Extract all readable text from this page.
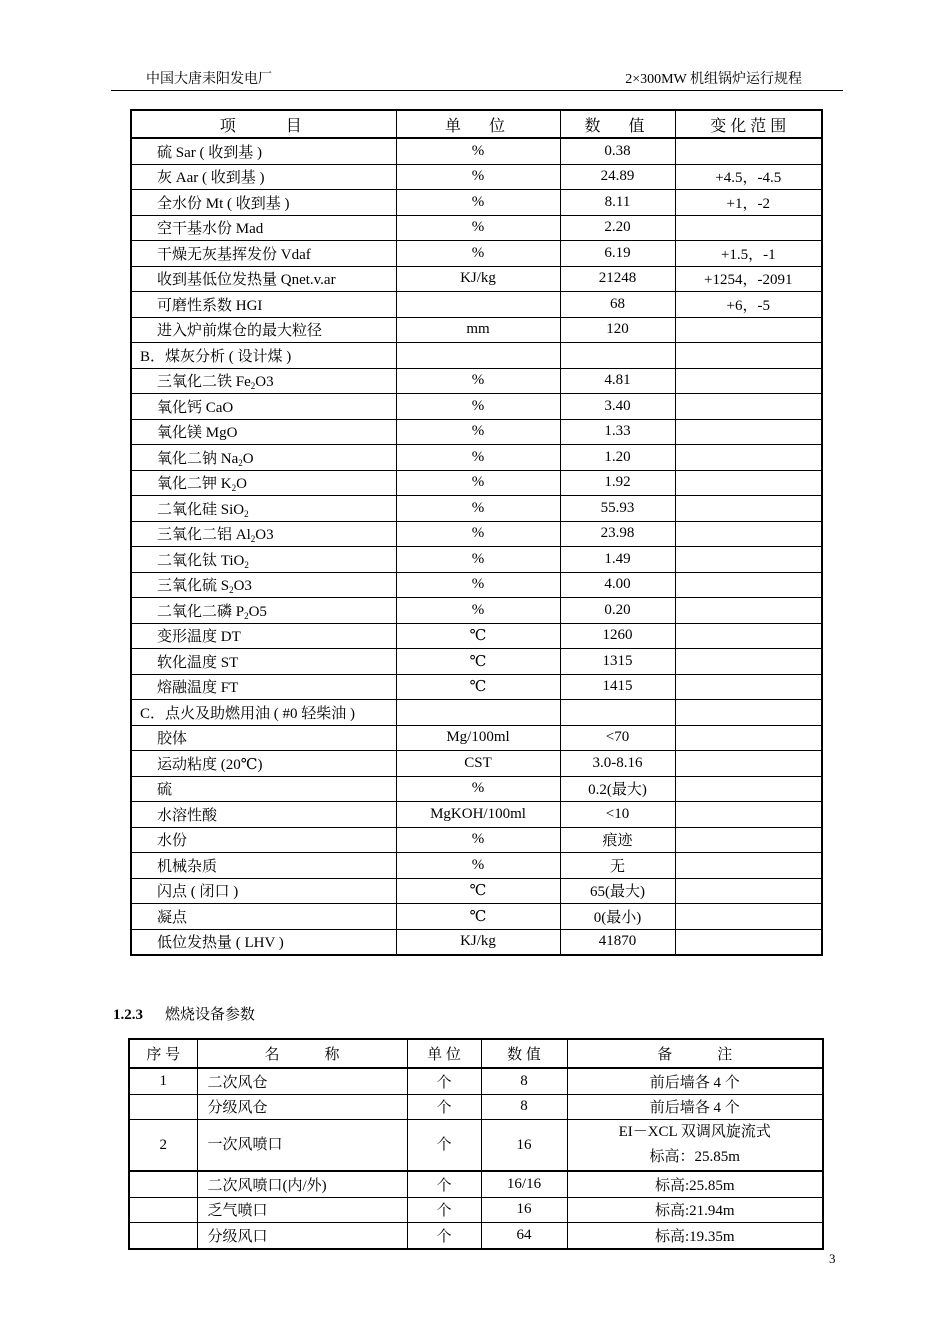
中国大唐耒阳发电厂	2×300MW 机组锅炉运行规程
项　　目	单　位	数　值	变 化 范 围
硫 Sar ( 收到基 )	%	0.38	
灰 Aar ( 收到基 )	%	24.89	+4.5，-4.5
全水份 Mt ( 收到基 )	%	8.11	+1，-2
空干基水份 Mad	%	2.20	
干燥无灰基挥发份 Vdaf	%	6.19	+1.5，-1
收到基低位发热量 Qnet.v.ar	KJ/kg	21248	+1254，-2091
可磨性系数 HGI		68	+6，-5
进入炉前煤仓的最大粒径	mm	120	
B．煤灰分析 ( 设计煤 )			
三氧化二铁 $Fe_2O3$	%	4.81	
氧化钙 CaO	%	3.40	
氧化镁 MgO	%	1.33	
氧化二钠 $Na_2O$	%	1.20	
氧化二钾 $K_2O$	%	1.92	
二氧化硅 SiO$_2$	%	55.93	
三氧化二铝 $Al_2O3$	%	23.98	
二氧化钛 TiO$_2$	%	1.49	
三氧化硫 $S_2O3$	%	4.00	
二氧化二磷 $P_2O5$	%	0.20	
变形温度 DT	℃	1260	
软化温度 ST	℃	1315	
熔融温度 FT	℃	1415	
C．点火及助燃用油 ( #0 轻柴油 )			
胶体	Mg/100ml	<70	
运动粘度 (20℃)	CST	3.0-8.16	
硫	%	0.2(最大)	
水溶性酸	MgKOH/100ml	<10	
水份	%	痕迹	
机械杂质	%	无	
闪点 ( 闭口 )	℃	65(最大)	
凝点	℃	0(最小)	
低位发热量 ( LHV )	KJ/kg	41870	
1.2.3 燃烧设备参数
序 号	名　　　称	单 位	数 值	备　　　注
1	二次风仓	个	8	前后墙各 4 个

	分级风仓	个	8	前后墙各 4 个

2	一次风喷口	个	16	EI－XCL 双调风旋流式
标高：25.85m

	二次风喷口(内/外)	个	16/16	标高:25.85m

	乏气喷口	个	16	标高:21.94m

	分级风口	个	64	标高:19.35m
3
